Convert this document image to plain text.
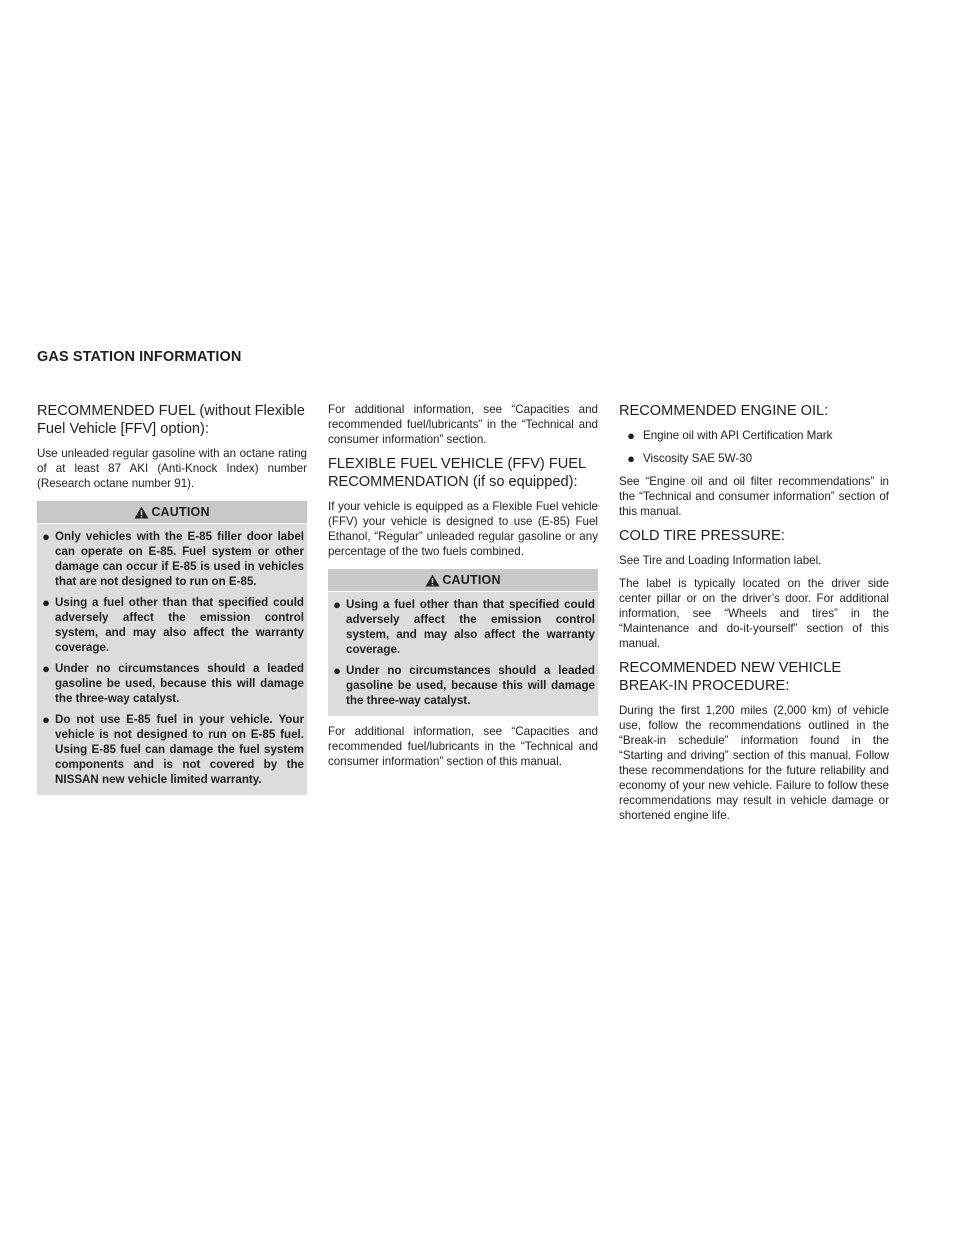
GAS STATION INFORMATION
RECOMMENDED FUEL (without Flexible Fuel Vehicle [FFV] option):

Use unleaded regular gasoline with an octane rating of at least 87 AKI (Anti-Knock Index) number (Research octane number 91).

CAUTION
● Only vehicles with the E-85 filler door label can operate on E-85. Fuel system or other damage can occur if E-85 is used in vehicles that are not designed to run on E-85.
● Using a fuel other than that specified could adversely affect the emission control system, and may also affect the warranty coverage.
● Under no circumstances should a leaded gasoline be used, because this will damage the three-way catalyst.
● Do not use E-85 fuel in your vehicle. Your vehicle is not designed to run on E-85 fuel. Using E-85 fuel can damage the fuel system components and is not covered by the NISSAN new vehicle limited warranty.

For additional information, see “Capacities and recommended fuel/lubricants” in the “Technical and consumer information” section.

FLEXIBLE FUEL VEHICLE (FFV) FUEL RECOMMENDATION (if so equipped):

If your vehicle is equipped as a Flexible Fuel vehicle (FFV) your vehicle is designed to use (E-85) Fuel Ethanol, “Regular” unleaded regular gasoline or any percentage of the two fuels combined.

CAUTION
● Using a fuel other than that specified could adversely affect the emission control system, and may also affect the warranty coverage.
● Under no circumstances should a leaded gasoline be used, because this will damage the three-way catalyst.

For additional information, see “Capacities and recommended fuel/lubricants in the “Technical and consumer information” section of this manual.

RECOMMENDED ENGINE OIL:
● Engine oil with API Certification Mark
● Viscosity SAE 5W-30

See “Engine oil and oil filter recommendations” in the “Technical and consumer information” section of this manual.

COLD TIRE PRESSURE:

See Tire and Loading Information label.

The label is typically located on the driver side center pillar or on the driver’s door. For additional information, see “Wheels and tires” in the “Maintenance and do-it-yourself” section of this manual.

RECOMMENDED NEW VEHICLE BREAK-IN PROCEDURE:

During the first 1,200 miles (2,000 km) of vehicle use, follow the recommendations outlined in the “Break-in schedule” information found in the “Starting and driving” section of this manual. Follow these recommendations for the future reliability and economy of your new vehicle. Failure to follow these recommendations may result in vehicle damage or shortened engine life.
